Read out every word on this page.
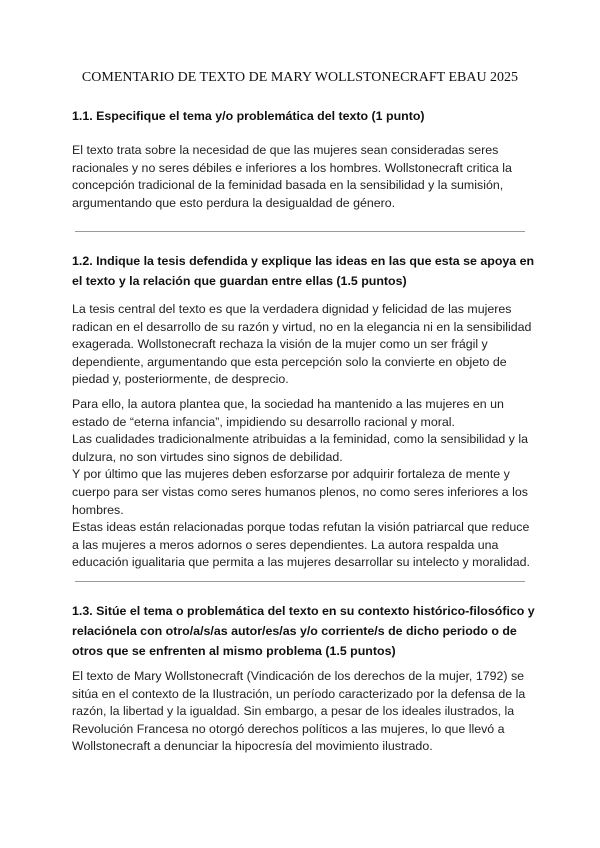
COMENTARIO DE TEXTO DE MARY WOLLSTONECRAFT EBAU 2025
1.1. Especifique el tema y/o problemática del texto (1 punto)
El texto trata sobre la necesidad de que las mujeres sean consideradas seres
racionales y no seres débiles e inferiores a los hombres. Wollstonecraft critica la
concepción tradicional de la feminidad basada en la sensibilidad y la sumisión,
argumentando que esto perdura la desigualdad de género.
1.2. Indique la tesis defendida y explique las ideas en las que esta se apoya en
el texto y la relación que guardan entre ellas (1.5 puntos)
La tesis central del texto es que la verdadera dignidad y felicidad de las mujeres
radican en el desarrollo de su razón y virtud, no en la elegancia ni en la sensibilidad
exagerada. Wollstonecraft rechaza la visión de la mujer como un ser frágil y
dependiente, argumentando que esta percepción solo la convierte en objeto de
piedad y, posteriormente, de desprecio.
Para ello, la autora plantea que, la sociedad ha mantenido a las mujeres en un
estado de “eterna infancia”, impidiendo su desarrollo racional y moral.
Las cualidades tradicionalmente atribuidas a la feminidad, como la sensibilidad y la
dulzura, no son virtudes sino signos de debilidad.
Y por último que las mujeres deben esforzarse por adquirir fortaleza de mente y
cuerpo para ser vistas como seres humanos plenos, no como seres inferiores a los
hombres.
Estas ideas están relacionadas porque todas refutan la visión patriarcal que reduce
a las mujeres a meros adornos o seres dependientes. La autora respalda una
educación igualitaria que permita a las mujeres desarrollar su intelecto y moralidad.
1.3. Sitúe el tema o problemática del texto en su contexto histórico-filosófico y
relaciónela con otro/a/s/as autor/es/as y/o corriente/s de dicho periodo o de
otros que se enfrenten al mismo problema (1.5 puntos)
El texto de Mary Wollstonecraft (Vindicación de los derechos de la mujer, 1792) se
sitúa en el contexto de la Ilustración, un período caracterizado por la defensa de la
razón, la libertad y la igualdad. Sin embargo, a pesar de los ideales ilustrados, la
Revolución Francesa no otorgó derechos políticos a las mujeres, lo que llevó a
Wollstonecraft a denunciar la hipocresía del movimiento ilustrado.
